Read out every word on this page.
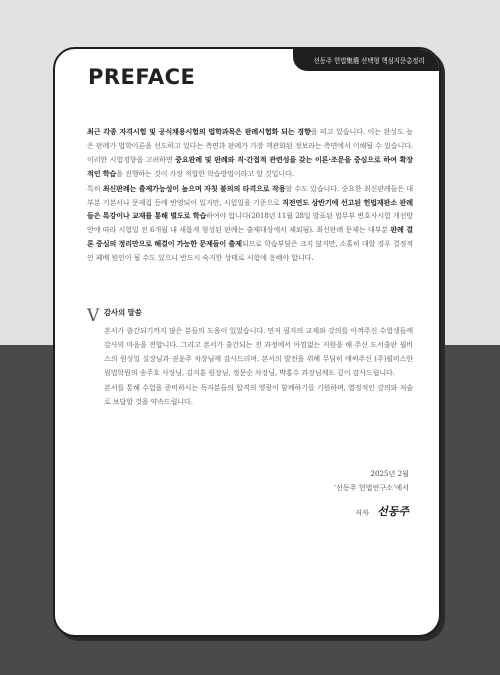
선동주 헌법集選 선택형 핵심지문총정리
PREFACE

최근 각종 자격시험 및 공식채용시험의 법학과목은 판례시험화 되는 경향을 띠고 있습니다. 이는 완성도 높은 판례가 법학이론을 선도하고 있다는 측면과 판례가 가장 객관화된 정보라는 측면에서 이해될 수 있습니다. 이러한 시험경향을 고려하면 중요판례 및 판례와 직·간접적 관련성을 갖는 이론·조문을 중심으로 하여 확장적인 학습을 진행하는 것이 가장 적합한 학습방법이라고 할 것입니다.

특히 최신판례는 출제가능성이 높으며 자칫 불의의 타격으로 작용할 수도 있습니다. 중요한 최신판례들은 대부분 기본서나 문제집 등에 반영되어 있지만, 시험일을 기준으로 직전연도 상반기에 선고된 헌법재판소 판례들은 특강이나 교재를 통해 별도로 학습하여야 합니다(2018년 11월 28일 발표된 법무부 변호사시험 개선방안에 따라 시험일 전 6개월 내 새롭게 형성된 판례는 출제대상에서 제외됨). 최신판례 문제는 대부분 판례 결론 중심의 정리만으로 해결이 가능한 문제들이 출제되므로 학습부담은 크지 않지만, 소홀히 대할 경우 결정적인 패배 원인이 될 수도 있으니 반드시 숙지한 상태로 시험에 응해야 합니다.

V 감사의 말씀

본서가 출간되기까지 많은 분들의 도움이 있었습니다. 먼저 필자의 교재와 강의를 아껴주신 수험생들께 감사의 마음을 전합니다. 그리고 본서가 출간되는 전 과정에서 아낌없는 지원을 해 주신 도서출판 윌비스의 원성일 실장님과 권윤주 차장님께 감사드리며, 본서의 발전을 위해 무딤히 애써주신 (주)윌비스한림법학원의 송주호 사장님, 김지훈 원장님, 정문순 차장님, 박홍수 과장님께도 깊이 감사드립니다.

본서를 통해 수험을 준비하시는 독자분들의 합격의 영광이 함께하기를 기원하며, 열정적인 강의와 저술로 보답할 것을 약속드립니다.

2025년 2월
‘선동주 헌법연구소’에서
저자 선동주
